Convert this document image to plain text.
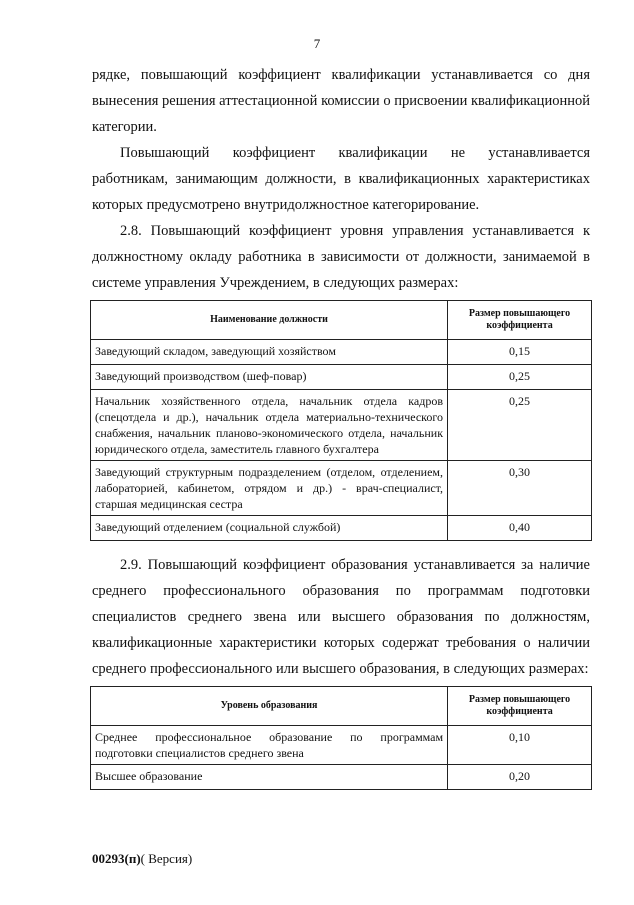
7

рядке, повышающий коэффициент квалификации устанавливается со дня вынесения решения аттестационной комиссии о присвоении квалификационной категории.

Повышающий коэффициент квалификации не устанавливается работникам, занимающим должности, в квалификационных характеристиках которых предусмотрено внутридолжностное категорирование.

2.8. Повышающий коэффициент уровня управления устанавливается к должностному окладу работника в зависимости от должности, занимаемой в системе управления Учреждением, в следующих размерах:

Наименование должности	Размер повышающего коэффициента
Заведующий складом, заведующий хозяйством	0,15
Заведующий производством (шеф-повар)	0,25
Начальник хозяйственного отдела, начальник отдела кадров (спецотдела и др.), начальник отдела материально-технического снабжения, начальник планово-экономического отдела, начальник юридического отдела, заместитель главного бухгалтера	0,25
Заведующий структурным подразделением (отделом, отделением, лабораторией, кабинетом, отрядом и др.) - врач-специалист, старшая медицинская сестра	0,30
Заведующий отделением (социальной службой)	0,40

2.9. Повышающий коэффициент образования устанавливается за наличие среднего профессионального образования по программам подготовки специалистов среднего звена или высшего образования по должностям, квалификационные характеристики которых содержат требования о наличии среднего профессионального или высшего образования, в следующих размерах:

Уровень образования	Размер повышающего коэффициента
Среднее профессиональное образование по программам подготовки специалистов среднего звена	0,10
Высшее образование	0,20
00293(п)( Версия)
